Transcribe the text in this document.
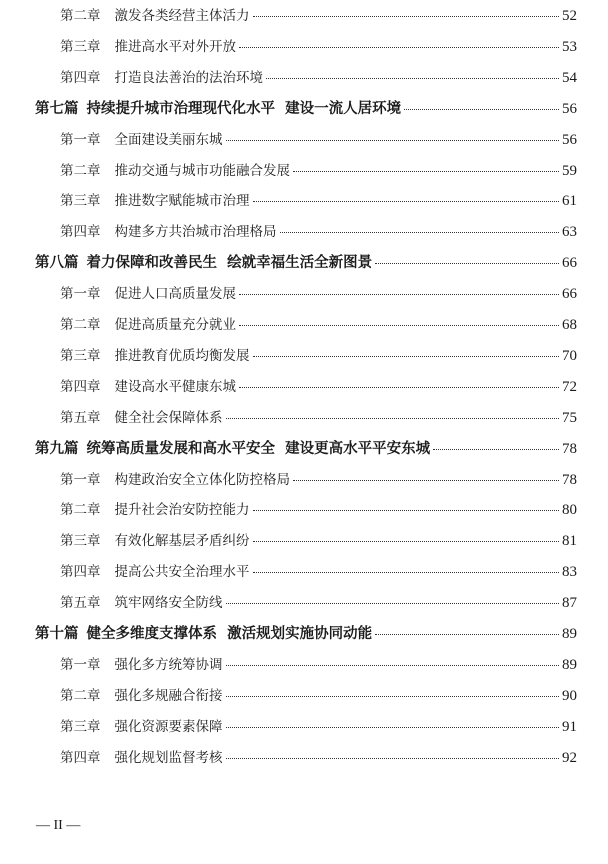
第二章 激发各类经营主体活力	52
第三章 推进高水平对外开放	53
第四章 打造良法善治的法治环境	54
第七篇 持续提升城市治理现代化水平  建设一流人居环境	56
第一章 全面建设美丽东城	56
第二章 推动交通与城市功能融合发展	59
第三章 推进数字赋能城市治理	61
第四章 构建多方共治城市治理格局	63
第八篇 着力保障和改善民生  绘就幸福生活全新图景	66
第一章 促进人口高质量发展	66
第二章 促进高质量充分就业	68
第三章 推进教育优质均衡发展	70
第四章 建设高水平健康东城	72
第五章 健全社会保障体系	75
第九篇 统筹高质量发展和高水平安全  建设更高水平平安东城	78
第一章 构建政治安全立体化防控格局	78
第二章 提升社会治安防控能力	80
第三章 有效化解基层矛盾纠纷	81
第四章 提高公共安全治理水平	83
第五章 筑牢网络安全防线	87
第十篇 健全多维度支撑体系  激活规划实施协同动能	89
第一章 强化多方统筹协调	89
第二章 强化多规融合衔接	90
第三章 强化资源要素保障	91
第四章 强化规划监督考核	92
— II —
